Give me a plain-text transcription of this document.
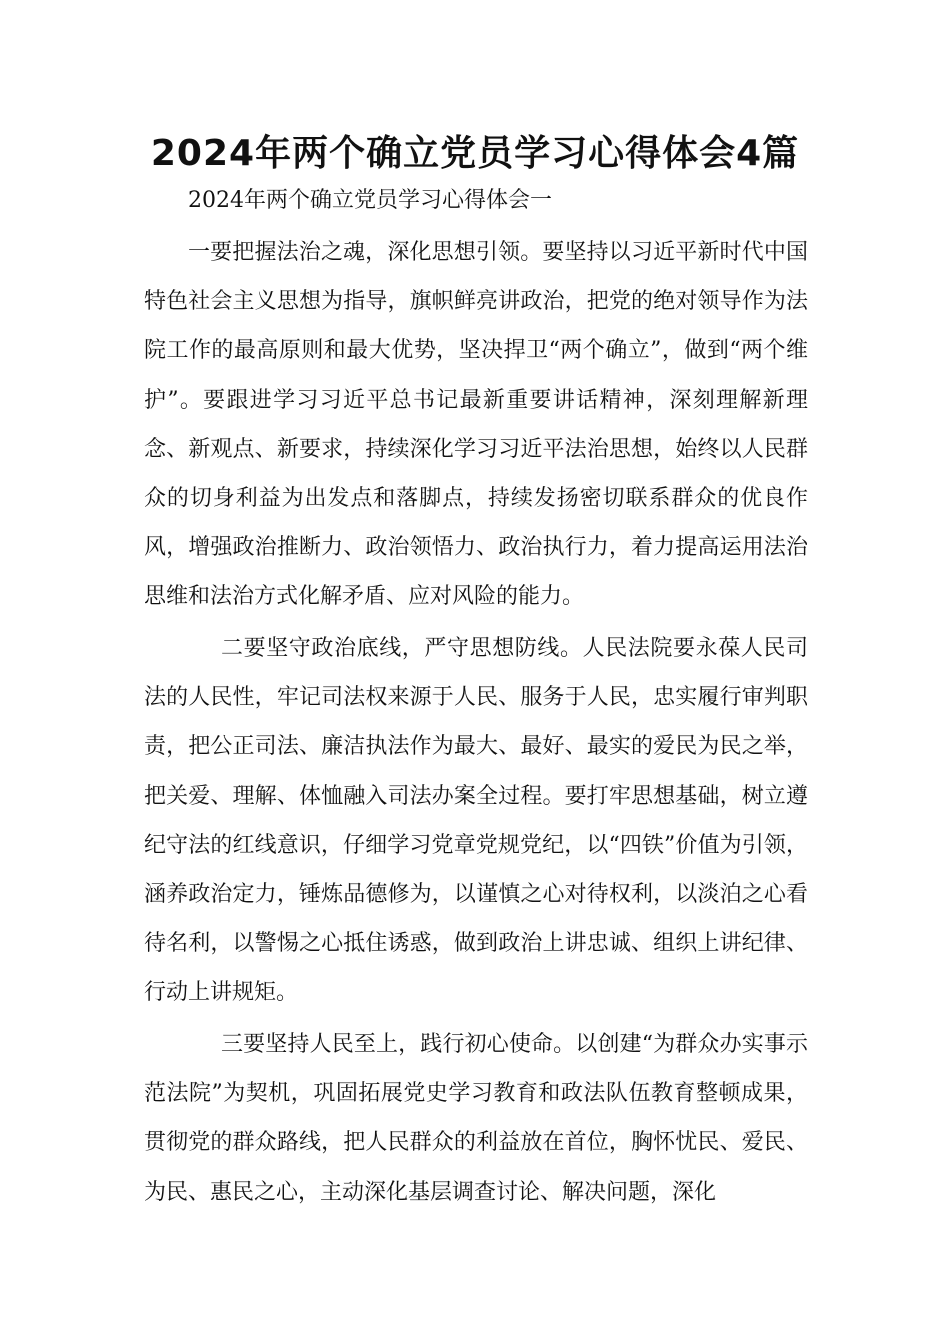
2024年两个确立党员学习心得体会4篇

2024年两个确立党员学习心得体会一

一要把握法治之魂，深化思想引领。要坚持以习近平新时代中国特色社会主义思想为指导，旗帜鲜亮讲政治，把党的绝对领导作为法院工作的最高原则和最大优势，坚决捍卫“两个确立”，做到“两个维护”。要跟进学习习近平总书记最新重要讲话精神，深刻理解新理念、新观点、新要求，持续深化学习习近平法治思想，始终以人民群众的切身利益为出发点和落脚点，持续发扬密切联系群众的优良作风，增强政治推断力、政治领悟力、政治执行力，着力提高运用法治思维和法治方式化解矛盾、应对风险的能力。

二要坚守政治底线，严守思想防线。人民法院要永葆人民司法的人民性，牢记司法权来源于人民、服务于人民，忠实履行审判职责，把公正司法、廉洁执法作为最大、最好、最实的爱民为民之举，把关爱、理解、体恤融入司法办案全过程。要打牢思想基础，树立遵纪守法的红线意识，仔细学习党章党规党纪，以“四铁”价值为引领，涵养政治定力，锤炼品德修为，以谨慎之心对待权利，以淡泊之心看待名利，以警惕之心抵住诱惑，做到政治上讲忠诚、组织上讲纪律、行动上讲规矩。

三要坚持人民至上，践行初心使命。以创建“为群众办实事示范法院”为契机，巩固拓展党史学习教育和政法队伍教育整顿成果，贯彻党的群众路线，把人民群众的利益放在首位，胸怀忧民、爱民、为民、惠民之心，主动深化基层调查讨论、解决问题，深化
